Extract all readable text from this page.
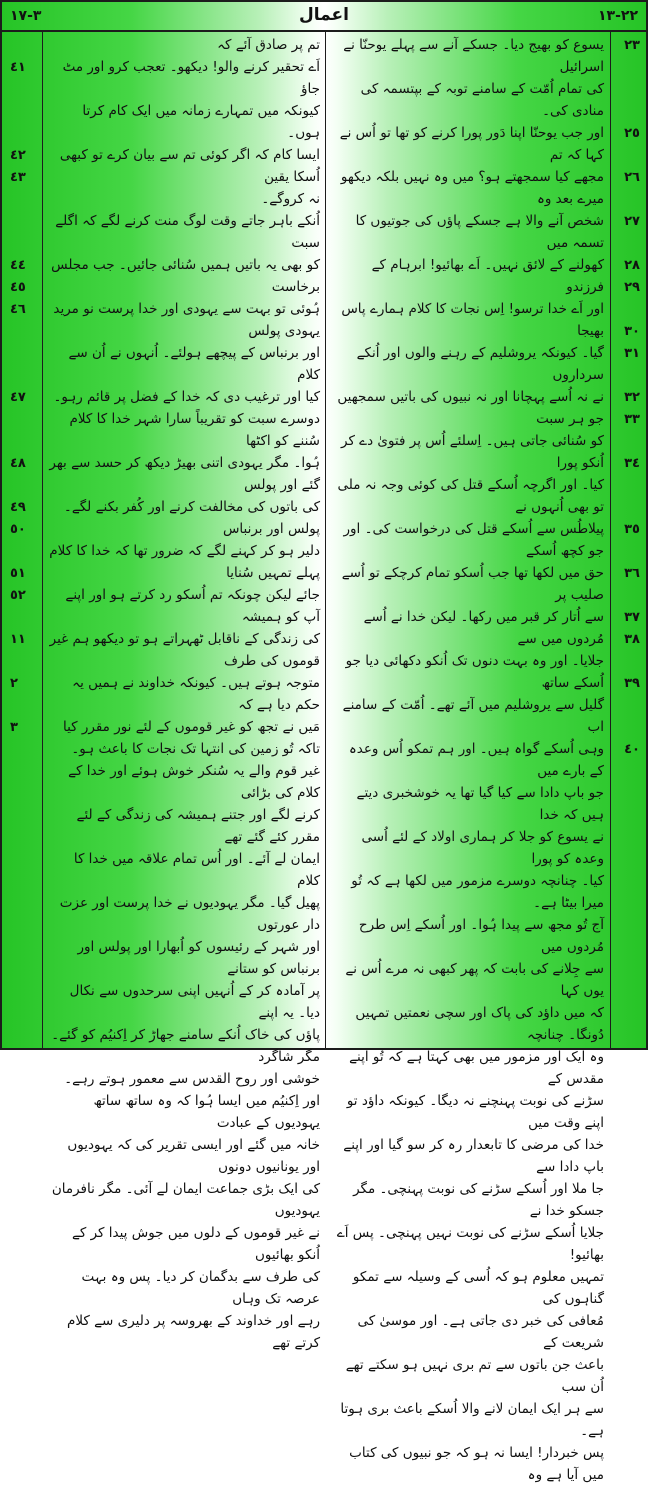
٣-١٧	اعمال	٢٢-١٣

یسوع کو بھیج دیا۔ جسکے آنے سے پہلے یوحنّا نے اسرائیل

کی تمام اُمّت کے سامنے توبہ کے بپتسمہ کی منادی کی۔

اور جب یوحنّا اپنا دَور پورا کرنے کو تھا تو اُس نے کہا کہ تم

مجھے کیا سمجھتے ہو؟ میں وہ نہیں بلکہ دیکھو میرے بعد وہ

شخص آنے والا ہے جسکے پاؤں کی جوتیوں کا تسمہ میں

کھولنے کے لائق نہیں۔ اَے بھائیو! ابرہام کے فرزندو

اور اَے خدا ترسو! اِس نجات کا کلام ہمارے پاس بھیجا

گیا۔ کیونکہ یروشلیم کے رہنے والوں اور اُنکے سرداروں

نے نہ اُسے پہچانا اور نہ نبیوں کی باتیں سمجھیں جو ہر سبت

کو سُنائی جاتی ہیں۔ اِسلئے اُس پر فتویٰ دے کر اُنکو پورا

کیا۔ اور اگرچہ اُسکے قتل کی کوئی وجہ نہ ملی تو بھی اُنہوں نے

پیلاطُس سے اُسکے قتل کی درخواست کی۔ اور جو کچھ اُسکے

حق میں لکھا تھا جب اُسکو تمام کرچکے تو اُسے صلیب پر

سے اُتار کر قبر میں رکھا۔ لیکن خدا نے اُسے مُردوں میں سے

جلایا۔ اور وہ بہت دنوں تک اُنکو دکھائی دیا جو اُسکے ساتھ

گلیل سے یروشلیم میں آئے تھے۔ اُمّت کے سامنے اب

وہی اُسکے گواہ ہیں۔ اور ہم تمکو اُس وعدہ کے بارے میں

جو باپ دادا سے کیا گیا تھا یہ خوشخبری دیتے ہیں کہ خدا

نے یسوع کو جلا کر ہماری اولاد کے لئے اُسی وعدہ کو پورا

کیا۔ چنانچہ دوسرے مزمور میں لکھا ہے کہ تُو میرا بیٹا ہے۔

آج تُو مجھ سے پیدا ہُوا۔ اور اُسکے اِس طرح مُردوں میں

سے جِلانے کی بابت کہ پھر کبھی نہ مرے اُس نے یوں کہا

کہ میں داؤد کی پاک اور سچی نعمتیں تمہیں دُونگا۔ چنانچہ

وہ ایک اور مزمور میں بھی کہتا ہے کہ تُو اپنے مقدس کے

سڑنے کی نوبت پہنچنے نہ دیگا۔ کیونکہ داؤد تو اپنے وقت میں

خدا کی مرضی کا تابعدار رہ کر سو گیا اور اپنے باپ دادا سے

جا ملا اور اُسکے سڑنے کی نوبت پہنچی۔ مگر جسکو خدا نے

جلایا اُسکے سڑنے کی نوبت نہیں پہنچی۔ پس اَے بھائیو!

تمہیں معلوم ہو کہ اُسی کے وسیلہ سے تمکو گناہوں کی

مُعافی کی خبر دی جاتی ہے۔ اور موسیٰ کی شریعت کے

باعث جن باتوں سے تم بری نہیں ہو سکتے تھے اُن سب

سے ہر ایک ایمان لانے والا اُسکے باعث بری ہوتا ہے۔

پس خبردار! ایسا نہ ہو کہ جو نبیوں کی کتاب میں آیا ہے وہ

تم پر صادق آئے کہ

اَے تحقیر کرنے والو! دیکھو۔ تعجب کرو اور مٹ جاؤ

کیونکہ میں تمہارے زمانہ میں ایک کام کرتا ہوں۔

ایسا کام کہ اگر کوئی تم سے بیان کرے تو کبھی اُسکا یقین

نہ کروگے۔

اُنکے باہر جاتے وقت لوگ منت کرنے لگے کہ اگلے سبت

کو بھی یہ باتیں ہمیں سُنائی جائیں۔ جب مجلس برخاست

ہُوئی تو بہت سے یہودی اور خدا پرست نو مرید یہودی پولس

اور برنباس کے پیچھے ہولئے۔ اُنہوں نے اُن سے کلام

کیا اور ترغیب دی کہ خدا کے فضل پر قائم رہو۔

دوسرے سبت کو تقریباً سارا شہر خدا کا کلام سُننے کو اکٹھا

ہُوا۔ مگر یہودی اتنی بھیڑ دیکھ کر حسد سے بھر گئے اور پولس

کی باتوں کی مخالفت کرنے اور کُفر بکنے لگے۔ پولس اور برنباس

دلیر ہو کر کہنے لگے کہ ضرور تھا کہ خدا کا کلام پہلے تمہیں سُنایا

جائے لیکن چونکہ تم اُسکو رد کرتے ہو اور اپنے آپ کو ہمیشہ

کی زندگی کے ناقابل ٹھہراتے ہو تو دیکھو ہم غیر قوموں کی طرف

متوجہ ہوتے ہیں۔ کیونکہ خداوند نے ہمیں یہ حکم دیا ہے کہ

مَیں نے تجھ کو غیر قوموں کے لئے نور مقرر کیا

تاکہ تُو زمین کی انتہا تک نجات کا باعث ہو۔

غیر قوم والے یہ سُنکر خوش ہوئے اور خدا کے کلام کی بڑائی

کرنے لگے اور جتنے ہمیشہ کی زندگی کے لئے مقرر کئے گئے تھے

ایمان لے آئے۔ اور اُس تمام علاقہ میں خدا کا کلام

پھیل گیا۔ مگر یہودیوں نے خدا پرست اور عزت دار عورتوں

اور شہر کے رئیسوں کو اُبھارا اور پولس اور برنباس کو ستانے

پر آمادہ کر کے اُنہیں اپنی سرحدوں سے نکال دیا۔ یہ اپنے

پاؤں کی خاک اُنکے سامنے جھاڑ کر اِکنیُم کو گئے۔ مگر شاگرد

خوشی اور روح القدس سے معمور ہوتے رہے۔

اور اِکنیُم میں ایسا ہُوا کہ وہ ساتھ ساتھ یہودیوں کے عبادت

خانہ میں گئے اور ایسی تقریر کی کہ یہودیوں اور یونانیوں دونوں

کی ایک بڑی جماعت ایمان لے آئی۔ مگر نافرمان یہودیوں

نے غیر قوموں کے دلوں میں جوش پیدا کر کے اُنکو بھائیوں

کی طرف سے بدگمان کر دیا۔ پس وہ بہت عرصہ تک وہاں

رہے اور خداوند کے بھروسہ پر دلیری سے کلام کرتے تھے

٢٣
٢٥
٢٦
٢٧
٢٨
٢٩
٣٠
٣١
٣٢
٣٣
٣٤
٣٥
٣٦
٣٧
٣٨
٣٩
٤٠
٤١
٤٢
٤٣
٤٤
٤٥
٤٦
٤٧
٤٨
٤٩
٥٠
٥١
٥٢
١١
٢
٣
